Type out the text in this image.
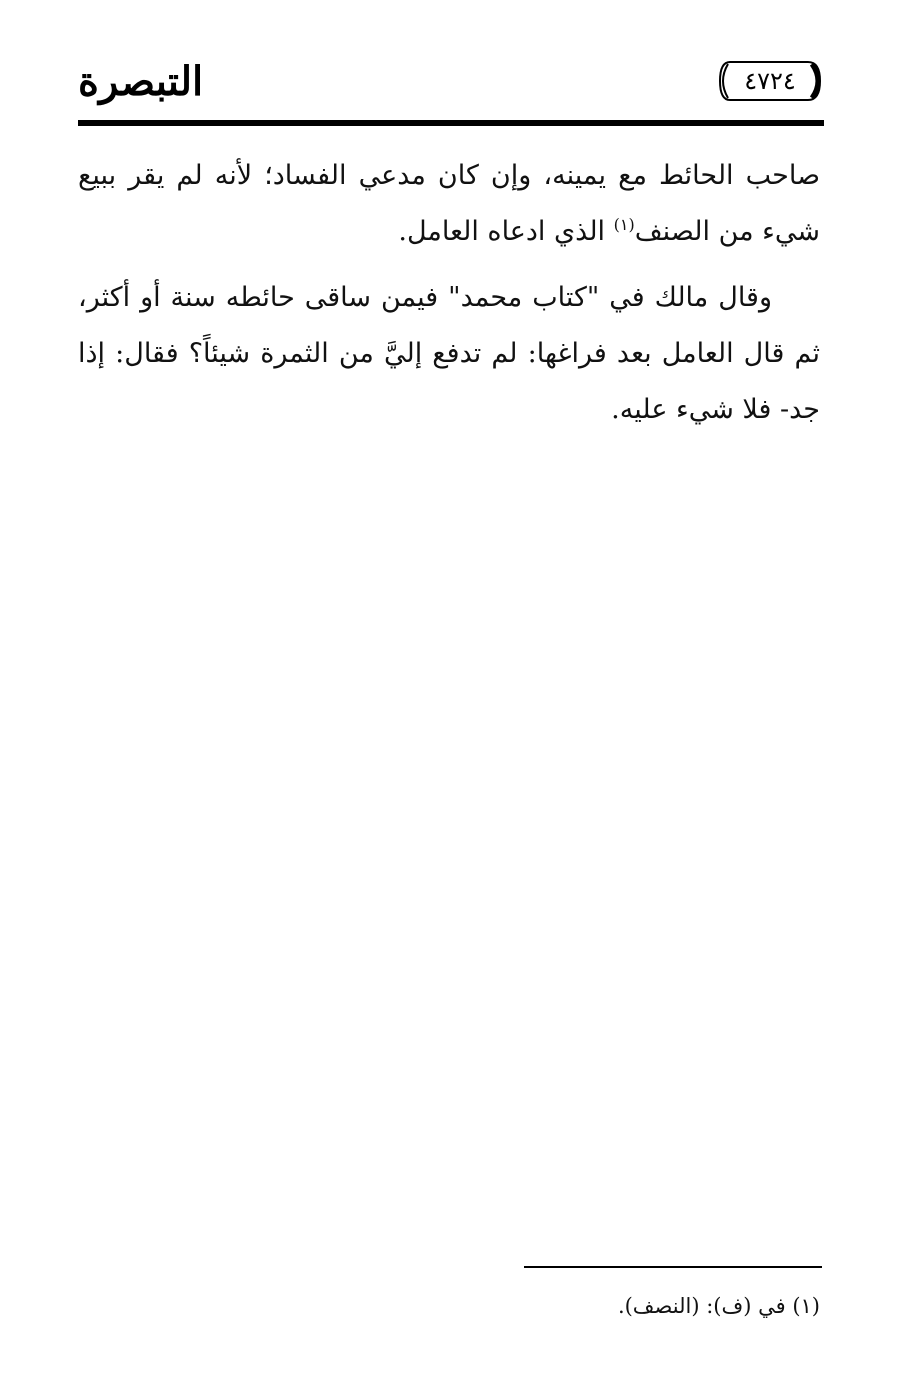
التبصرة	٤٧٢٤

صاحب الحائط مع يمينه، وإن كان مدعي الفساد؛ لأنه لم يقر ببيع شيء من الصنف$^{(١)}$ الذي ادعاه العامل.

وقال مالك في "كتاب محمد" فيمن ساقى حائطه سنة أو أكثر، ثم قال العامل بعد فراغها: لم تدفع إليَّ من الثمرة شيئاً؟ فقال: إذا جد- فلا شيء عليه.

(١) في (ف): (النصف).
